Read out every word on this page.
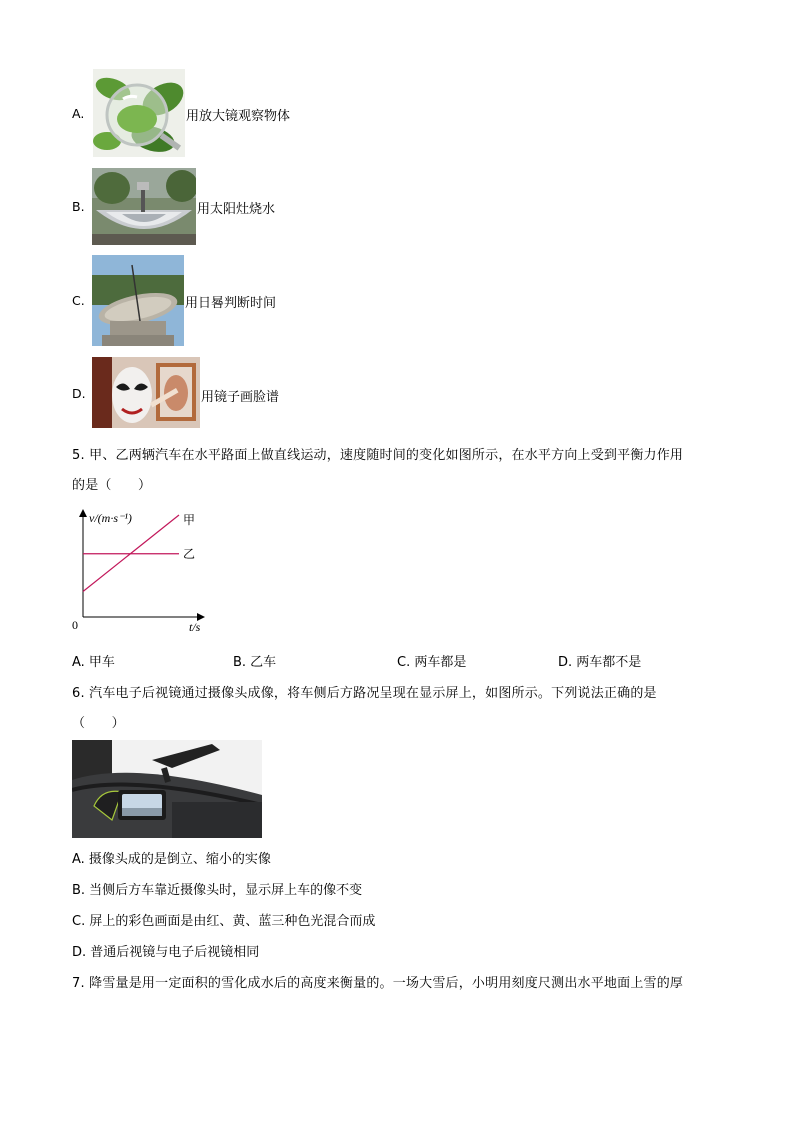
A.	用放大镜观察物体
B.	用太阳灶烧水
C.	用日晷判断时间
D.	用镜子画脸谱
5. 甲、乙两辆汽车在水平路面上做直线运动，速度随时间的变化如图所示，在水平方向上受到平衡力作用
的是（　　）
v/(m·s⁻¹)
t/s
0
甲
乙
A. 甲车	B. 乙车	C. 两车都是	D. 两车都不是
6. 汽车电子后视镜通过摄像头成像，将车侧后方路况呈现在显示屏上，如图所示。下列说法正确的是
（　　）
A. 摄像头成的是倒立、缩小的实像
B. 当侧后方车靠近摄像头时，显示屏上车的像不变
C. 屏上的彩色画面是由红、黄、蓝三种色光混合而成
D. 普通后视镜与电子后视镜相同
7. 降雪量是用一定面积的雪化成水后的高度来衡量的。一场大雪后，小明用刻度尺测出水平地面上雪的厚
